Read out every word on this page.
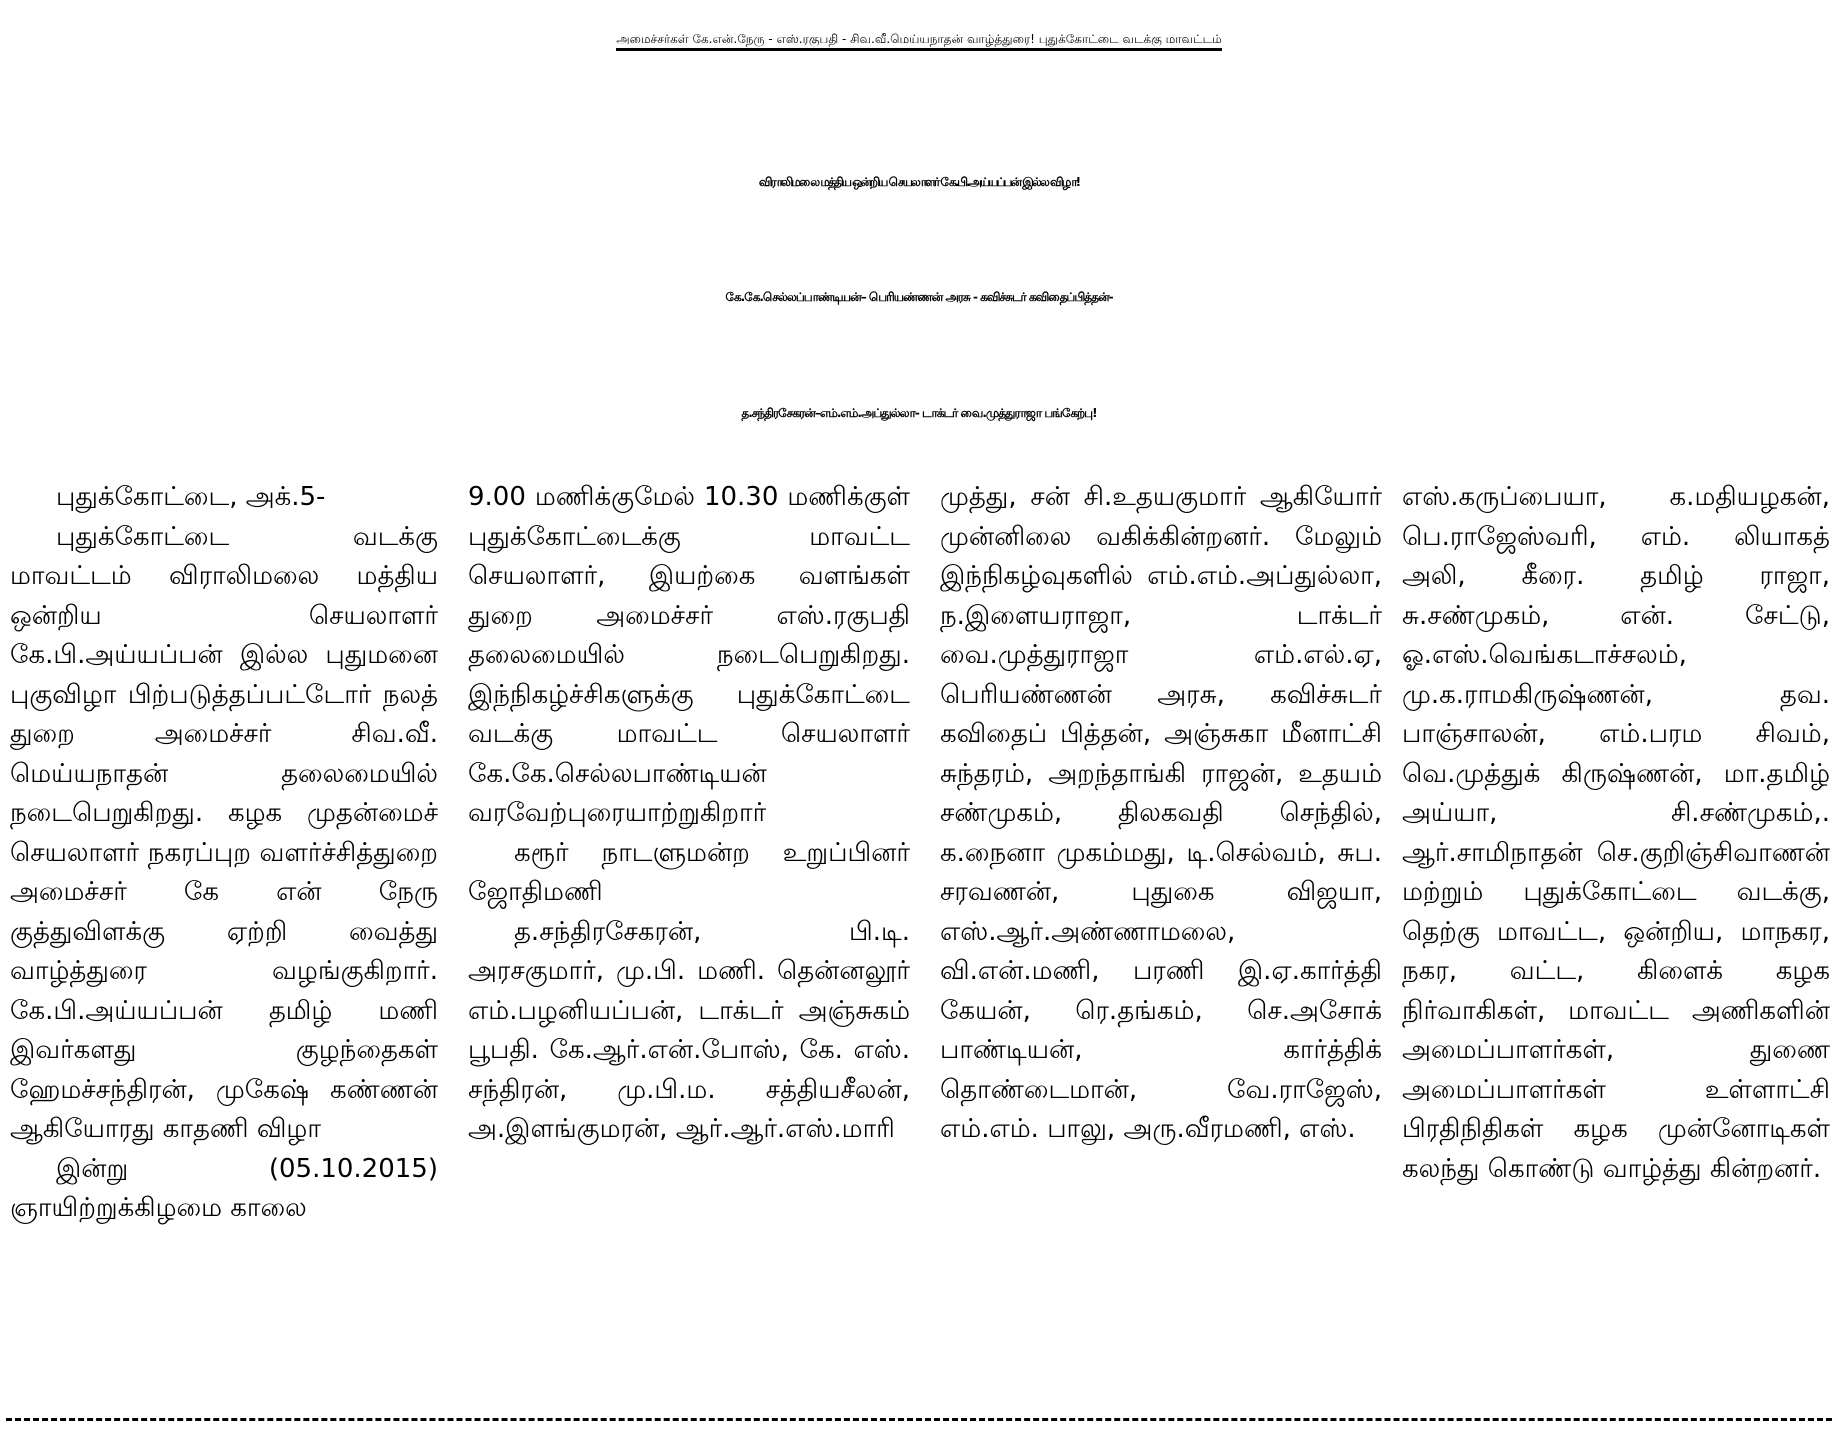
அமைச்சர்கள் கே.என்.நேரு - எஸ்.ரகுபதி - சிவ.வீ.மெய்யநாதன் வாழ்த்துரை! புதுக்கோட்டை வடக்கு மாவட்டம்
விராலிமலை மத்திய ஒன்றிய செயலாளர் கே.பி.அய்யப்பன் இல்ல விழா!
கே.கே.செல்லப்பாண்டியன்– பெரியண்ணன் அரசு - கவிச்சுடர் கவிதைப்பித்தன்-
த.சந்திரசேகரன்–எம்.எம்.அப்துல்லா- டாக்டர் வை.முத்துராஜா பங்கேற்பு!

புதுக்கோட்டை, அக்.5-

புதுக்கோட்டை வடக்கு மாவட்டம் விராலிமலை மத்திய ஒன்றிய செயலாளர் கே.பி.அய்யப்பன் இல்ல புதுமனை புகுவிழா பிற்படுத்தப்பட்டோர் நலத் துறை அமைச்சர் சிவ.வீ. மெய்யநாதன் தலைமையில் நடைபெறுகிறது. கழக முதன்மைச் செயலாளர் நகரப்புற வளர்ச்சித்துறை அமைச்சர் கே என் நேரு குத்துவிளக்கு ஏற்றி வைத்து வாழ்த்துரை வழங்குகிறார். கே.பி.அய்யப்பன் தமிழ் மணி இவர்களது குழந்தைகள் ஹேமச்சந்திரன், முகேஷ் கண்ணன் ஆகியோரது காதணி விழா

இன்று (05.10.2015) ஞாயிற்றுக்கிழமை காலை

9.00 மணிக்குமேல் 10.30 மணிக்குள் புதுக்கோட்டைக்கு மாவட்ட செயலாளர், இயற்கை வளங்கள் துறை அமைச்சர் எஸ்.ரகுபதி தலைமையில் நடைபெறுகிறது. இந்நிகழ்ச்சிகளுக்கு புதுக்கோட்டை வடக்கு மாவட்ட செயலாளர் கே.கே.செல்லபாண்டியன் வரவேற்புரையாற்றுகிறார்

கரூர் நாடளுமன்ற உறுப்பினர் ஜோதிமணி

த.சந்திரசேகரன், பி.டி. அரசகுமார், மு.பி. மணி. தென்னலூர் எம்.பழனியப்பன், டாக்டர் அஞ்சுகம் பூபதி. கே.ஆர்.என்.போஸ், கே. எஸ். சந்திரன், மு.பி.ம. சத்தியசீலன், அ.இளங்குமரன், ஆர்.ஆர்.எஸ்.மாரி

முத்து, சன் சி.உதயகுமார் ஆகியோர் முன்னிலை வகிக்கின்றனர். மேலும் இந்நிகழ்வுகளில் எம்.எம்.அப்துல்லா, ந.இளையராஜா, டாக்டர் வை.முத்துராஜா எம்.எல்.ஏ, பெரியண்ணன் அரசு, கவிச்சுடர் கவிதைப் பித்தன், அஞ்சுகா மீனாட்சி சுந்தரம், அறந்தாங்கி ராஜன், உதயம் சண்முகம், திலகவதி செந்தில், க.நைனா முகம்மது, டி.செல்வம், சுப. சரவணன், புதுகை விஜயா, எஸ்.ஆர்.அண்ணாமலை, வி.என்.மணி, பரணி இ.ஏ.கார்த்தி கேயன், ரெ.தங்கம், செ.அசோக் பாண்டியன், கார்த்திக் தொண்டைமான், வே.ராஜேஸ், எம்.எம். பாலு, அரு.வீரமணி, எஸ்.

எஸ்.கருப்பையா, க.மதியழகன், பெ.ராஜேஸ்வரி, எம். லியாகத் அலி, கீரை. தமிழ் ராஜா, சு.சண்முகம், என். சேட்டு, ஓ.எஸ்.வெங்கடாச்சலம், மு.க.ராமகிருஷ்ணன், தவ. பாஞ்சாலன், எம்.பரம சிவம், வெ.முத்துக் கிருஷ்ணன், மா.தமிழ் அய்யா, சி.சண்முகம்,. ஆர்.சாமிநாதன் செ.குறிஞ்சிவாணன் மற்றும் புதுக்கோட்டை வடக்கு, தெற்கு மாவட்ட, ஒன்றிய, மாநகர, நகர, வட்ட, கிளைக் கழக நிர்வாகிகள், மாவட்ட அணிகளின் அமைப்பாளர்கள், துணை அமைப்பாளர்கள் உள்ளாட்சி பிரதிநிதிகள் கழக முன்னோடிகள் கலந்து கொண்டு வாழ்த்து கின்றனர்.
